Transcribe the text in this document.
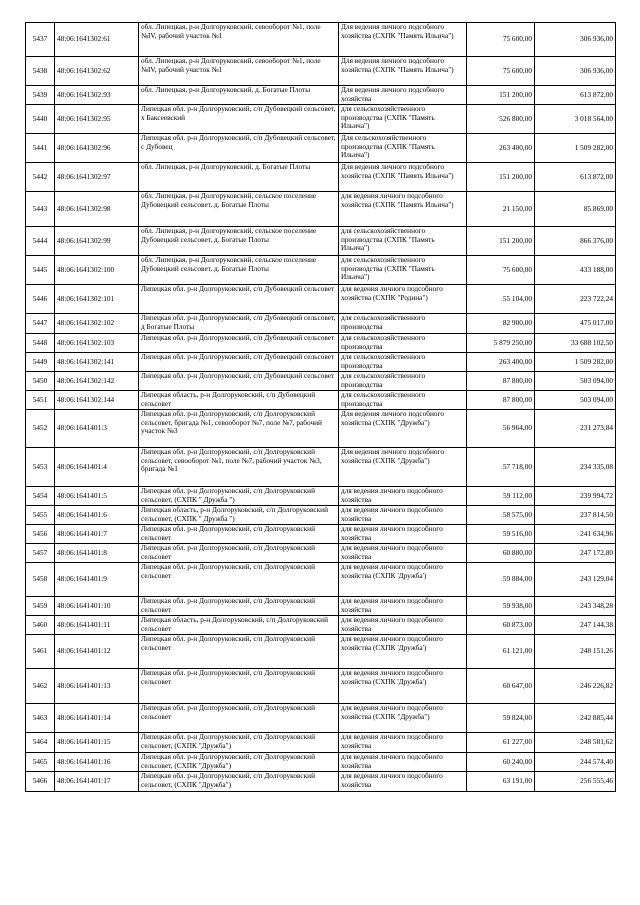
5437	48:06:1641302:61	обл. Липецкая, р-н Долгоруковский, севооборот №1, поле №IV, рабочий участок №1	Для ведения личного подсобного хозяйства (СХПК "Память Ильича")	75 600,00	306 936,00
5438	48:06:1641302:62	обл. Липецкая, р-н Долгоруковский, севооборот №1, поле №IV, рабочий участок №1	Для ведения личного подсобного хозяйства (СХПК "Память Ильича")	75 600,00	306 936,00
5439	48:06:1641302:93	обл. Липецкая, р-н Долгоруковский, д. Богатые Плоты	Для ведения личного подсобного хозяйства	151 200,00	613 872,00
5440	48:06:1641302:95	Липецкая обл. р-н Долгоруковский, с/п Дубовецкий сельсовет, х Баксеевский	для сельскохозяйственного производства (СХПК "Память Ильича")	526 800,00	3 018 564,00
5441	48:06:1641302:96	Липецкая обл. р-н Долгоруковский, с/п Дубовецкий сельсовет, с Дубовец	Для сельскохозяйственного производства (СХПК "Память Ильича")	263 400,00	1 509 282,00
5442	48:06:1641302:97	обл. Липецкая, р-н Долгоруковский, д. Богатые Плоты	Для ведения личного подсобного хозяйства (СХПК "Память Ильича")	151 200,00	613 872,00
5443	48:06:1641302:98	обл. Липецкая, р-н Долгоруковский, сельское поселение Дубовецкий сельсовет, д. Богатые Плоты	для ведения личного подсобного хозяйства (СХПК "Память Ильича")	21 150,00	85 869,00
5444	48:06:1641302:99	обл. Липецкая, р-н Долгоруковский, сельское поселение Дубовецкий сельсовет, д. Богатые Плоты	для сельскохозяйственного производства (СХПК "Память Ильича")	151 200,00	866 376,00
5445	48:06:1641302:100	обл. Липецкая, р-н Долгоруковский, сельское поселение Дубовецкий сельсовет, д. Богатые Плоты	для сельскохозяйственного производства (СХПК "Память Ильича")	75 600,00	433 188,00
5446	48:06:1641302:101	Липецкая обл. р-н Долгоруковский, с/п Дубовецкий сельсовет	для ведения личного подсобного хозяйства (СХПК "Родина")	55 104,00	223 722,24
5447	48:06:1641302:102	Липецкая обл. р-н Долгоруковский, с/п Дубовецкий сельсовет, д Богатые Плоты	для сельскохозяйственного производства	82 900,00	475 017,00
5448	48:06:1641302:103	Липецкая обл. р-н Долгоруковский, с/п Дубовецкий сельсовет	для сельскохозяйственного производства	5 879 250,00	33 688 102,50
5449	48:06:1641302:141	Липецкая обл. р-н Долгоруковский, с/п Дубовецкий сельсовет	для сельскохозяйственного производства	263 400,00	1 509 282,00
5450	48:06:1641302:142	Липецкая обл. р-н Долгоруковский, с/п Дубовецкий сельсовет	для сельскохозяйственного производства	87 800,00	503 094,00
5451	48:06:1641302:144	Липецкая область, р-н Долгоруковский, с/п Дубовецкий сельсовет	для сельскохозяйственного производства	87 800,00	503 094,00
5452	48:06:1641401:3	Липецкая обл. р-н Долгоруковский, с/п Долгоруковский сельсовет, бригада №1, севооборот №7, поле №7, рабочий участок №3	Для ведения личного подсобного хозяйства (СХПК "Дружба")	56 964,00	231 273,84
5453	48:06:1641401:4	Липецкая обл. р-н Долгоруковский, с/п Долгоруковский сельсовет, севооборот №1, поле №7, рабочий участок №3, бригада №1	Для ведения личного подсобного хозяйства (СХПК "Дружба")	57 718,00	234 335,08
5454	48:06:1641401:5	Липецкая обл. р-н Долгоруковский, с/п Долгоруковский сельсовет, (СХПК " Дружба ")	для ведения личного подсобного хозяйства	59 112,00	239 994,72
5455	48:06:1641401:6	Липецкая область, р-н Долгоруковский, с/п Долгоруковский сельсовет, (СХПК " Дружба ")	для ведения личного подсобного хозяйства	58 575,00	237 814,50
5456	48:06:1641401:7	Липецкая обл. р-н Долгоруковский, с/п Долгоруковский сельсовет	для ведения личного подсобного хозяйства	59 516,00	241 634,96
5457	48:06:1641401:8	Липецкая обл. р-н Долгоруковский, с/п Долгоруковский сельсовет	для ведения личного подсобного хозяйства	60 880,00	247 172,80
5458	48:06:1641401:9	Липецкая обл. р-н Долгоруковский, с/п Долгоруковский сельсовет	для ведения личного подсобного хозяйства (СХПК 'Дружба')	59 884,00	243 129,04
5459	48:06:1641401:10	Липецкая обл. р-н Долгоруковский, с/п Долгоруковский сельсовет	для ведения личного подсобного хозяйства	59 938,00	243 348,28
5460	48:06:1641401:11	Липецкая область, р-н Долгоруковский, с/п Долгоруковский сельсовет	для ведения личного подсобного хозяйства	60 873,00	247 144,38
5461	48:06:1641401:12	Липецкая обл. р-н Долгоруковский, с/п Долгоруковский сельсовет	для ведения личного подсобного хозяйства (СХПК 'Дружба')	61 121,00	248 151,26
5462	48:06:1641401:13	Липецкая обл. р-н Долгоруковский, с/п Долгоруковский сельсовет	для ведения личного подсобного хозяйства (СХПК 'Дружба')	60 647,00	246 226,82
5463	48:06:1641401:14	Липецкая обл. р-н Долгоруковский, с/п Долгоруковский сельсовет	для ведения личного подсобного хозяйства (СХПК "Дружба")	59 824,00	242 885,44
5464	48:06:1641401:15	Липецкая обл. р-н Долгоруковский, с/п Долгоруковский сельсовет, (СХПК "Дружба")	для ведения личного подсобного хозяйства	61 227,00	248 581,62
5465	48:06:1641401:16	Липецкая обл. р-н Долгоруковский, с/п Долгоруковский сельсовет, (СХПК "Дружба")	для ведения личного подсобного хозяйства	60 240,00	244 574,40
5466	48:06:1641401:17	Липецкая обл. р-н Долгоруковский, с/п Долгоруковский сельсовет, (СХПК "Дружба")	для ведения личного подсобного хозяйства	63 191,00	256 555,46
